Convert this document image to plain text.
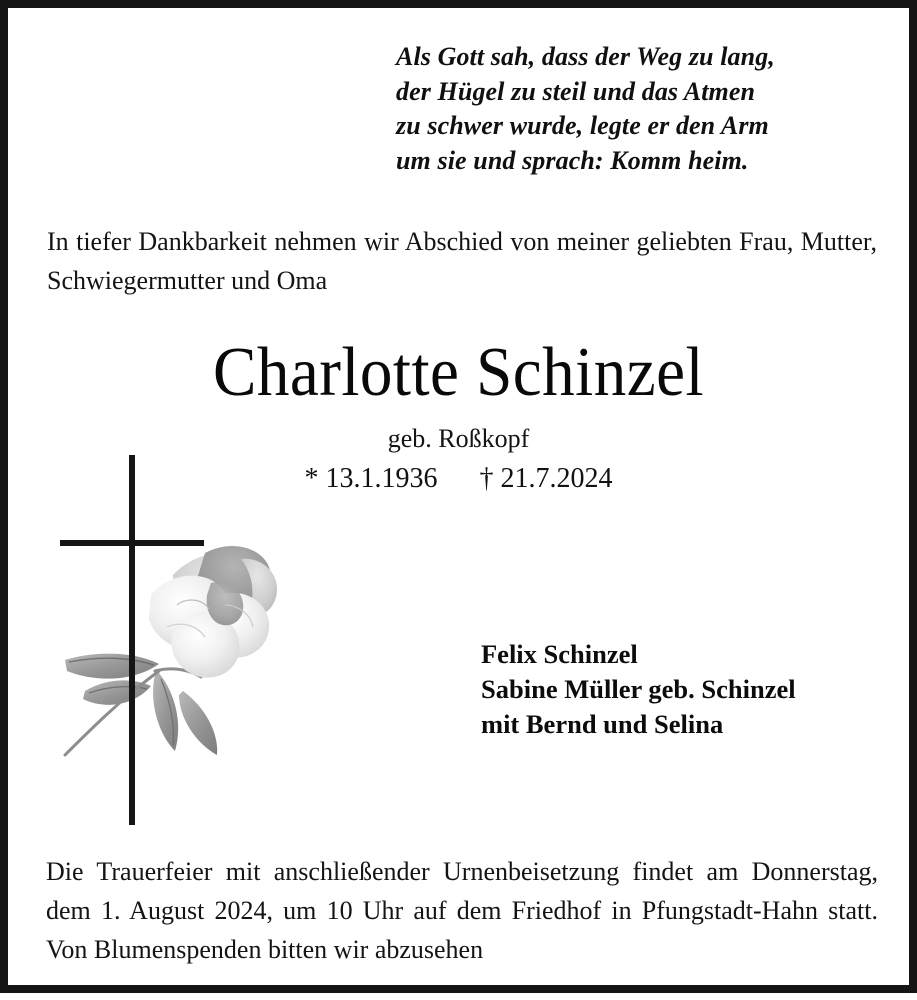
Als Gott sah, dass der Weg zu lang,
der Hügel zu steil und das Atmen
zu schwer wurde, legte er den Arm
um sie und sprach: Komm heim.
In tiefer Dankbarkeit nehmen wir Abschied von meiner geliebten Frau, Mutter, Schwiegermutter und Oma
Charlotte Schinzel
geb. Roßkopf
* 13.1.1936 † 21.7.2024
Felix Schinzel
Sabine Müller geb. Schinzel
mit Bernd und Selina
Die Trauerfeier mit anschließender Urnenbeisetzung findet am Donnerstag, dem 1. August 2024, um 10 Uhr auf dem Friedhof in Pfungstadt-Hahn statt. Von Blumenspenden bitten wir abzusehen
